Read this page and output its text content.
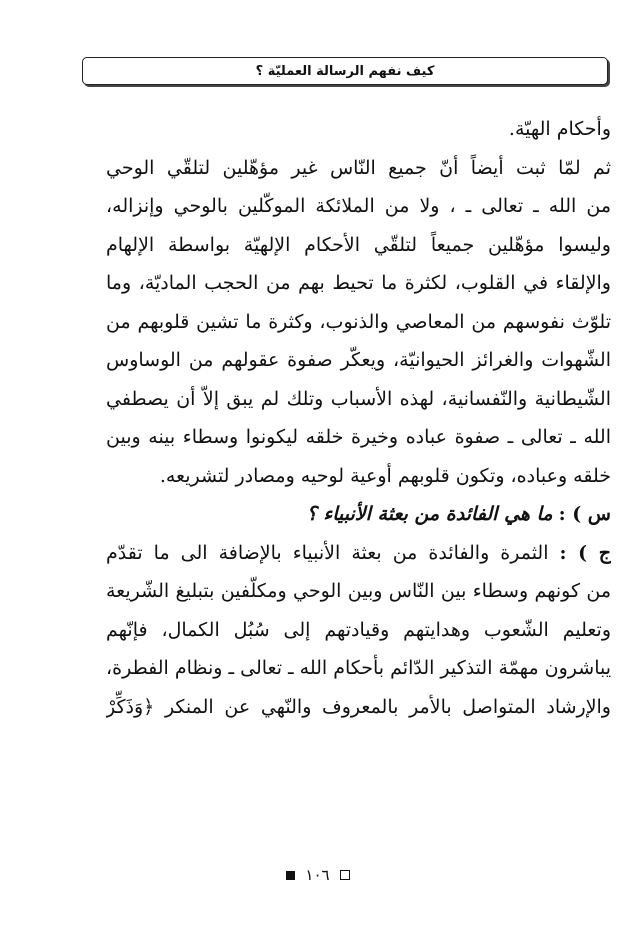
كيف نفهم الرسالة العمليّة ؟
وأحكام الهيّة.
ثم لمّا ثبت أيضاً أنّ جميع النّاس غير مؤهّلين لتلقّي الوحي
من الله ـ تعالى ـ ، ولا من الملائكة الموكّلين بالوحي وإنزاله،
وليسوا مؤهّلين جميعاً لتلقّي الأحكام الإلهيّة بواسطة الإلهام
والإلقاء في القلوب، لكثرة ما تحيط بهم من الحجب الماديّة، وما
تلوّث نفوسهم من المعاصي والذنوب، وكثرة ما تشين قلوبهم من
الشّهوات والغرائز الحيوانيّة، ويعكّر صفوة عقولهم من الوساوس
الشّيطانية والنّفسانية، لهذه الأسباب وتلك لم يبق إلاّ أن يصطفي
الله ـ تعالى ـ صفوة عباده وخيرة خلقه ليكونوا وسطاء بينه وبين
خلقه وعباده، وتكون قلوبهم أوعية لوحيه ومصادر لتشريعه.
س ) : ما هي الفائدة من بعثة الأنبياء ؟
ج ) : الثمرة والفائدة من بعثة الأنبياء بالإضافة الى ما تقدّم
من كونهم وسطاء بين النّاس وبين الوحي ومكلّفين بتبليغ الشّريعة
وتعليم الشّعوب وهدايتهم وقيادتهم إلى سُبُل الكمال، فإنّهم
يباشرون مهمّة التذكير الدّائم بأحكام الله ـ تعالى ـ ونظام الفطرة،
والإرشاد المتواصل بالأمر بالمعروف والنّهي عن المنكر ﴿وَذَكِّرْ
١٠٦
